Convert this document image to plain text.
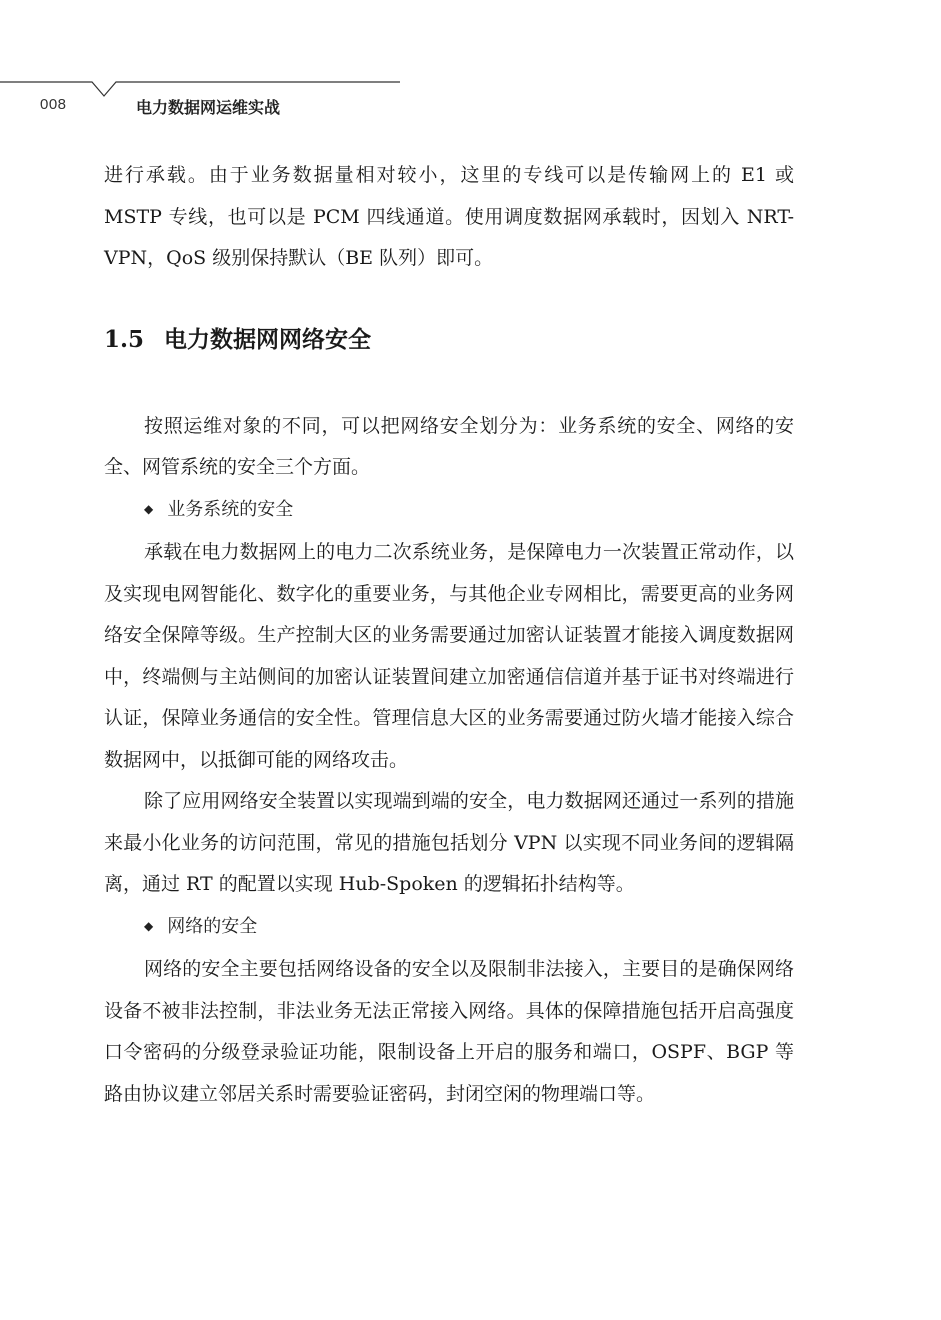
008	电力数据网运维实战

进行承载。由于业务数据量相对较小，这里的专线可以是传输网上的 E1 或 MSTP 专线，也可以是 PCM 四线通道。使用调度数据网承载时，因划入 NRT-VPN，QoS 级别保持默认（BE 队列）即可。

1.5 电力数据网网络安全

按照运维对象的不同，可以把网络安全划分为：业务系统的安全、网络的安全、网管系统的安全三个方面。

◆ 业务系统的安全

承载在电力数据网上的电力二次系统业务，是保障电力一次装置正常动作，以及实现电网智能化、数字化的重要业务，与其他企业专网相比，需要更高的业务网络安全保障等级。生产控制大区的业务需要通过加密认证装置才能接入调度数据网中，终端侧与主站侧间的加密认证装置间建立加密通信信道并基于证书对终端进行认证，保障业务通信的安全性。管理信息大区的业务需要通过防火墙才能接入综合数据网中，以抵御可能的网络攻击。

除了应用网络安全装置以实现端到端的安全，电力数据网还通过一系列的措施来最小化业务的访问范围，常见的措施包括划分 VPN 以实现不同业务间的逻辑隔离，通过 RT 的配置以实现 Hub-Spoken 的逻辑拓扑结构等。

◆ 网络的安全

网络的安全主要包括网络设备的安全以及限制非法接入，主要目的是确保网络设备不被非法控制，非法业务无法正常接入网络。具体的保障措施包括开启高强度口令密码的分级登录验证功能，限制设备上开启的服务和端口，OSPF、BGP 等路由协议建立邻居关系时需要验证密码，封闭空闲的物理端口等。
